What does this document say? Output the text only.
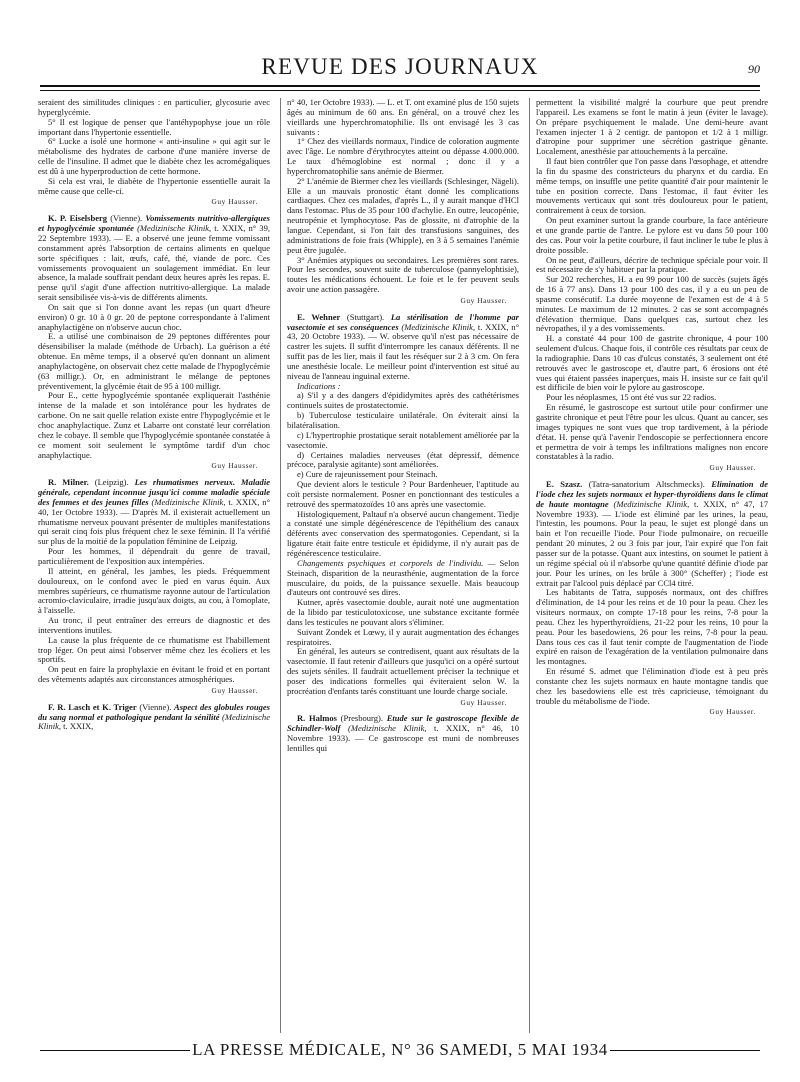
REVUE DES JOURNAUX	90

seraient des similitudes cliniques : en particulier, glycosurie avec hyperglycémie.

5° Il est logique de penser que l'antéhypophyse joue un rôle important dans l'hypertonie essentielle.

6° Lucke a isolé une hormone « anti-insuline » qui agit sur le métabolisme des hydrates de carbone d'une manière inverse de celle de l'insuline. Il admet que le diabète chez les acromégaliques est dû à une hyperproduction de cette hormone.

Si cela est vrai, le diabète de l'hypertonie essentielle aurait la même cause que celle-ci.

Guy Hausser.

K. P. Eiselsberg (Vienne). Vomissements nutritivo-allergiques et hypoglycémie spontanée (Medizinische Klinik, t. XXIX, n° 39, 22 Septembre 1933). — E. a observé une jeune femme vomissant constamment après l'absorption de certains aliments en quelque sorte spécifiques : lait, œufs, café, thé, viande de porc. Ces vomissements provoquaient un soulagement immédiat. En leur absence, la malade souffrait pendant deux heures après les repas. E. pense qu'il s'agit d'une affection nutritivo-allergique. La malade serait sensibilisée vis-à-vis de différents aliments.

On sait que si l'on donne avant les repas (un quart d'heure environ) 0 gr. 10 à 0 gr. 20 de peptone correspondante à l'aliment anaphylactigène on n'observe aucun choc.

E. a utilisé une combinaison de 29 peptones différentes pour désensibiliser la malade (méthode de Urbach). La guérison a été obtenue. En même temps, il a observé qu'en donnant un aliment anaphylactogène, on observait chez cette malade de l'hypoglycémie (63 milligr.). Or, en administrant le mélange de peptones préventivement, la glycémie était de 95 à 100 milligr.

Pour E., cette hypoglycémie spontanée expliquerait l'asthénie intense de la malade et son intolérance pour les hydrates de carbone. On ne sait quelle relation existe entre l'hypoglycémie et le choc anaphylactique. Zunz et Labarre ont constaté leur corrélation chez le cobaye. Il semble que l'hypoglycémie spontanée constatée à ce moment soit seulement le symptôme tardif d'un choc anaphylactique.

Guy Hausser.

R. Milner. (Leipzig). Les rhumatismes nerveux. Maladie générale, cependant inconnue jusqu'ici comme maladie spéciale des femmes et des jeunes filles (Medizinische Klinik, t. XXIX, n° 40, 1er Octobre 1933). — D'après M. il existerait actuellement un rhumatisme nerveux pouvant présenter de multiples manifestations qui serait cinq fois plus fréquent chez le sexe féminin. Il l'a vérifié sur plus de la moitié de la population féminine de Leipzig.

Pour les hommes, il dépendrait du genre de travail, particulièrement de l'exposition aux intempéries.

Il atteint, en général, les jambes, les pieds. Fréquemment douloureux, on le confond avec le pied en varus équin. Aux membres supérieurs, ce rhumatisme rayonne autour de l'articulation acromio-claviculaire, irradie jusqu'aux doigts, au cou, à l'omoplate, à l'aisselle.

Au tronc, il peut entraîner des erreurs de diagnostic et des interventions inutiles.

La cause la plus fréquente de ce rhumatisme est l'habillement trop léger. On peut ainsi l'observer même chez les écoliers et les sportifs.

On peut en faire la prophylaxie en évitant le froid et en portant des vêtements adaptés aux circonstances atmosphériques.

Guy Hausser.

F. R. Lasch et K. Triger (Vienne). Aspect des globules rouges du sang normal et pathologique pendant la sénilité (Medizinische Klinik, t. XXIX,

n° 40, 1er Octobre 1933). — L. et T. ont examiné plus de 150 sujets âgés au minimum de 60 ans. En général, on a trouvé chez les vieillards une hyperchromatophilie. Ils ont envisagé les 3 cas suivants :

1° Chez des vieillards normaux, l'indice de coloration augmente avec l'âge. Le nombre d'érythrocytes atteint ou dépasse 4.000.000. Le taux d'hémoglobine est normal ; donc il y a hyperchromatophilie sans anémie de Biermer.

2° L'anémie de Biermer chez les vieillards (Schlesinger, Nägeli). Elle a un mauvais pronostic étant donné les complications cardiaques. Chez ces malades, d'après L., il y aurait manque d'HCl dans l'estomac. Plus de 35 pour 100 d'achylie. En outre, leucopénie, neutropénie et lymphocytose. Pas de glossite, ni d'atrophie de la langue. Cependant, si l'on fait des transfusions sanguines, des administrations de foie frais (Whipple), en 3 à 5 semaines l'anémie peut être jugulée.

3° Anémies atypiques ou secondaires. Les premières sont rares. Pour les secondes, souvent suite de tuberculose (pannyelophtisie), toutes les médications échouent. Le foie et le fer peuvent seuls avoir une action passagère.

Guy Hausser.

E. Wehner (Stuttgart). La stérilisation de l'homme par vasectomie et ses conséquences (Medizinische Klinik, t. XXIX, n° 43, 20 Octobre 1933). — W. observe qu'il n'est pas nécessaire de castrer les sujets. Il suffit d'interrompre les canaux déférents. Il ne suffit pas de les lier, mais il faut les réséquer sur 2 à 3 cm. On fera une anesthésie locale. Le meilleur point d'intervention est situé au niveau de l'anneau inguinal externe.

Indications :

a) S'il y a des dangers d'épididymites après des cathétérismes continuels suites de prostatectomie.

b) Tuberculose testiculaire unilatérale. On éviterait ainsi la bilatéralisation.

c) L'hypertrophie prostatique serait notablement améliorée par la vasectomie.

d) Certaines maladies nerveuses (état dépressif, démence précoce, paralysie agitante) sont améliorées.

e) Cure de rajeunissement pour Steinach.

Que devient alors le testicule ? Pour Bardenheuer, l'aptitude au coït persiste normalement. Posner en ponctionnant des testicules a retrouvé des spermatozoïdes 10 ans après une vasectomie.

Histologiquement, Paltauf n'a observé aucun changement. Tiedje a constaté une simple dégénérescence de l'épithélium des canaux déférents avec conservation des spermatogonies. Cependant, si la ligature était faite entre testicule et épididyme, il n'y aurait pas de régénérescence testiculaire.

Changements psychiques et corporels de l'individu. — Selon Steinach, disparition de la neurasthénie, augmentation de la force musculaire, du poids, de la puissance sexuelle. Mais beaucoup d'auteurs ont controuvé ses dires.

Kutner, après vasectomie double, aurait noté une augmentation de la libido par testiculotoxicose, une substance excitante formée dans les testicules ne pouvant alors s'éliminer.

Suivant Zondek et Lœwy, il y aurait augmentation des échanges respiratoires.

En général, les auteurs se contredisent, quant aux résultats de la vasectomie. Il faut retenir d'ailleurs que jusqu'ici on a opéré surtout des sujets séniles. Il faudrait actuellement préciser la technique et poser des indications formelles qui éviteraient selon W. la procréation d'enfants tarés constituant une lourde charge sociale.

Guy Hausser.

R. Halmos (Presbourg). Etude sur le gastroscope flexible de Schindler-Wolf (Medizinische Klinik, t. XXIX, n° 46, 10 Novembre 1933). — Ce gastroscope est muni de nombreuses lentilles qui

permettent la visibilité malgré la courbure que peut prendre l'appareil. Les examens se font le matin à jeun (éviter le lavage). On prépare psychiquement le malade. Une demi-heure avant l'examen injecter 1 à 2 centigr. de pantopon et 1/2 à 1 milligr. d'atropine pour supprimer une sécrétion gastrique gênante. Localement, anesthésie par attouchements à la percaïne.

Il faut bien contrôler que l'on passe dans l'œsophage, et attendre la fin du spasme des constricteurs du pharynx et du cardia. En même temps, on insuffle une petite quantité d'air pour maintenir le tube en position correcte. Dans l'estomac, il faut éviter les mouvements verticaux qui sont très douloureux pour le patient, contrairement à ceux de torsion.

On peut examiner surtout la grande courbure, la face antérieure et une grande partie de l'antre. Le pylore est vu dans 50 pour 100 des cas. Pour voir la petite courbure, il faut incliner le tube le plus à droite possible.

On ne peut, d'ailleurs, décrire de technique spéciale pour voir. Il est nécessaire de s'y habituer par la pratique.

Sur 202 recherches, H. a eu 99 pour 100 de succès (sujets âgés de 16 à 77 ans). Dans 13 pour 100 des cas, il y a eu un peu de spasme consécutif. La durée moyenne de l'examen est de 4 à 5 minutes. Le maximum de 12 minutes. 2 cas se sont accompagnés d'élévation thermique. Dans quelques cas, surtout chez les névropathes, il y a des vomissements.

H. a constaté 44 pour 100 de gastrite chronique, 4 pour 100 seulement d'ulcus. Chaque fois, il contrôle ces résultats par ceux de la radiographie. Dans 10 cas d'ulcus constatés, 3 seulement ont été retrouvés avec le gastroscope et, d'autre part, 6 érosions ont été vues qui étaient passées inaperçues, mais H. insiste sur ce fait qu'il est difficile de bien voir le pylore au gastroscope.

Pour les néoplasmes, 15 ont été vus sur 22 radios.

En résumé, le gastroscope est surtout utile pour confirmer une gastrite chronique et peut l'être pour les ulcus. Quant au cancer, ses images typiques ne sont vues que trop tardivement, à la période d'état. H. pense qu'à l'avenir l'endoscopie se perfectionnera encore et permettra de voir à temps les infiltrations malignes non encore constatables à la radio.

Guy Hausser.

E. Szasz. (Tatra-sanatorium Altschmecks). Elimination de l'iode chez les sujets normaux et hyper-thyroïdiens dans le climat de haute montagne (Medizinische Klinik, t. XXIX, n° 47, 17 Novembre 1933). — L'iode est éliminé par les urines, la peau, l'intestin, les poumons. Pour la peau, le sujet est plongé dans un bain et l'on recueille l'iode. Pour l'iode pulmonaire, on recueille pendant 20 minutes, 2 ou 3 fois par jour, l'air expiré que l'on fait passer sur de la potasse. Quant aux intestins, on soumet le patient à un régime spécial où il n'absorbe qu'une quantité définie d'iode par jour. Pour les urines, on les brûle à 300° (Scheffer) ; l'iode est extrait par l'alcool puis déplacé par CCl4 titré.

Les habitants de Tatra, supposés normaux, ont des chiffres d'élimination, de 14 pour les reins et de 10 pour la peau. Chez les visiteurs normaux, on compte 17-18 pour les reins, 7-8 pour la peau. Chez les hyperthyroïdiens, 21-22 pour les reins, 10 pour la peau. Pour les basedowiens, 26 pour les reins, 7-8 pour la peau. Dans tous ces cas il faut tenir compte de l'augmentation de l'iode expiré en raison de l'exagération de la ventilation pulmonaire dans les montagnes.

En résumé S. admet que l'élimination d'iode est à peu près constante chez les sujets normaux en haute montagne tandis que chez les basedowiens elle est très capricieuse, témoignant du trouble du métabolisme de l'iode.

Guy Hausser.
LA PRESSE MÉDICALE, N° 36 SAMEDI, 5 MAI 1934
